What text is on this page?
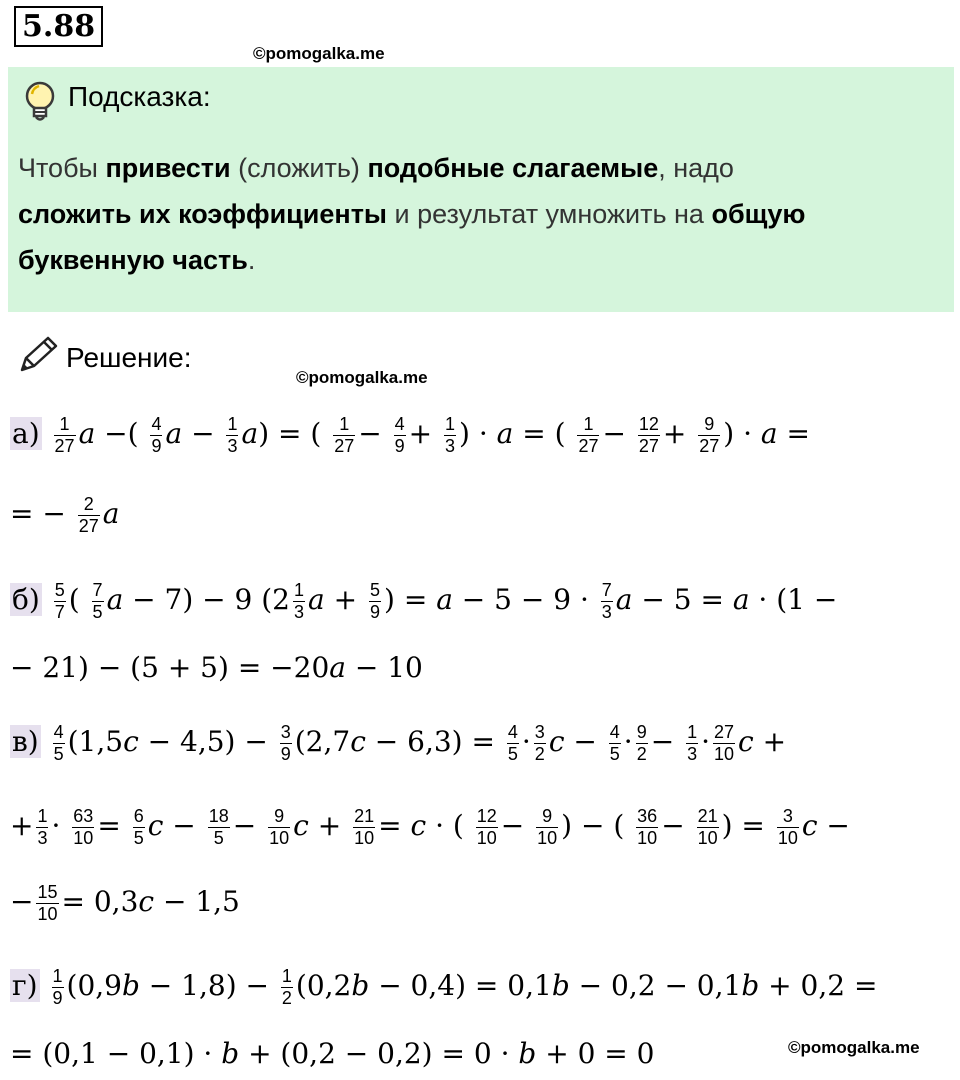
5.88
©pomogalka.me
Подсказка:
Чтобы привести (сложить) подобные слагаемые, надо
сложить их коэффициенты и результат умножить на общую
буквенную часть.
Решение:
©pomogalka.me
$а) \frac{1}{27}$ a −( $\frac{4}{9}$ $a - \frac{1}{3} a$) = ( $\frac{1}{27} - \frac{4}{9} + \frac{1}{3}$ ) · a = ( $\frac{1}{27} - \frac{12}{27} + \frac{9}{27}$ ) · a =
= − $\frac{2}{27}$ a
$б) \frac{5}{7}$ ( $\frac{7}{5}$ a − 7) − 9 ($2 \frac{1}{3}$ $a + \frac{5}{9}$ ) = $a - 5 - 9 \cdot \frac{7}{3}$ a − 5 = a · (1 −
− 21) − (5 + 5) = −20a − 10
$в) \frac{4}{5} (1,5c - 4,5) - \frac{3}{9} (2,7c - 6,3) = \frac{4}{5} \cdot \frac{3}{2}$ $c - \frac{4}{5} \cdot \frac{9}{2} - \frac{1}{3} \cdot \frac{27}{10}$ c +
+ $\frac{1}{3} \cdot \frac{63}{10} = \frac{6}{5}$ $c - \frac{18}{5} - \frac{9}{10}$ $c + \frac{21}{10} = c$ · ( $\frac{12}{10} - \frac{9}{10}$ ) − ( $\frac{36}{10} - \frac{21}{10}$ ) = $\frac{3}{10}$ c −
− $\frac{15}{10} = 0,3c - 1,5$
$г) \frac{1}{9} (0,9b - 1,8) - \frac{1}{2} (0,2b - 0,4) = 0,1b - 0,2 - 0,1b + 0,2$ =
= (0,1 − 0,1) · b + (0,2 − 0,2) = 0 · b + 0 = 0	©pomogalka.me
